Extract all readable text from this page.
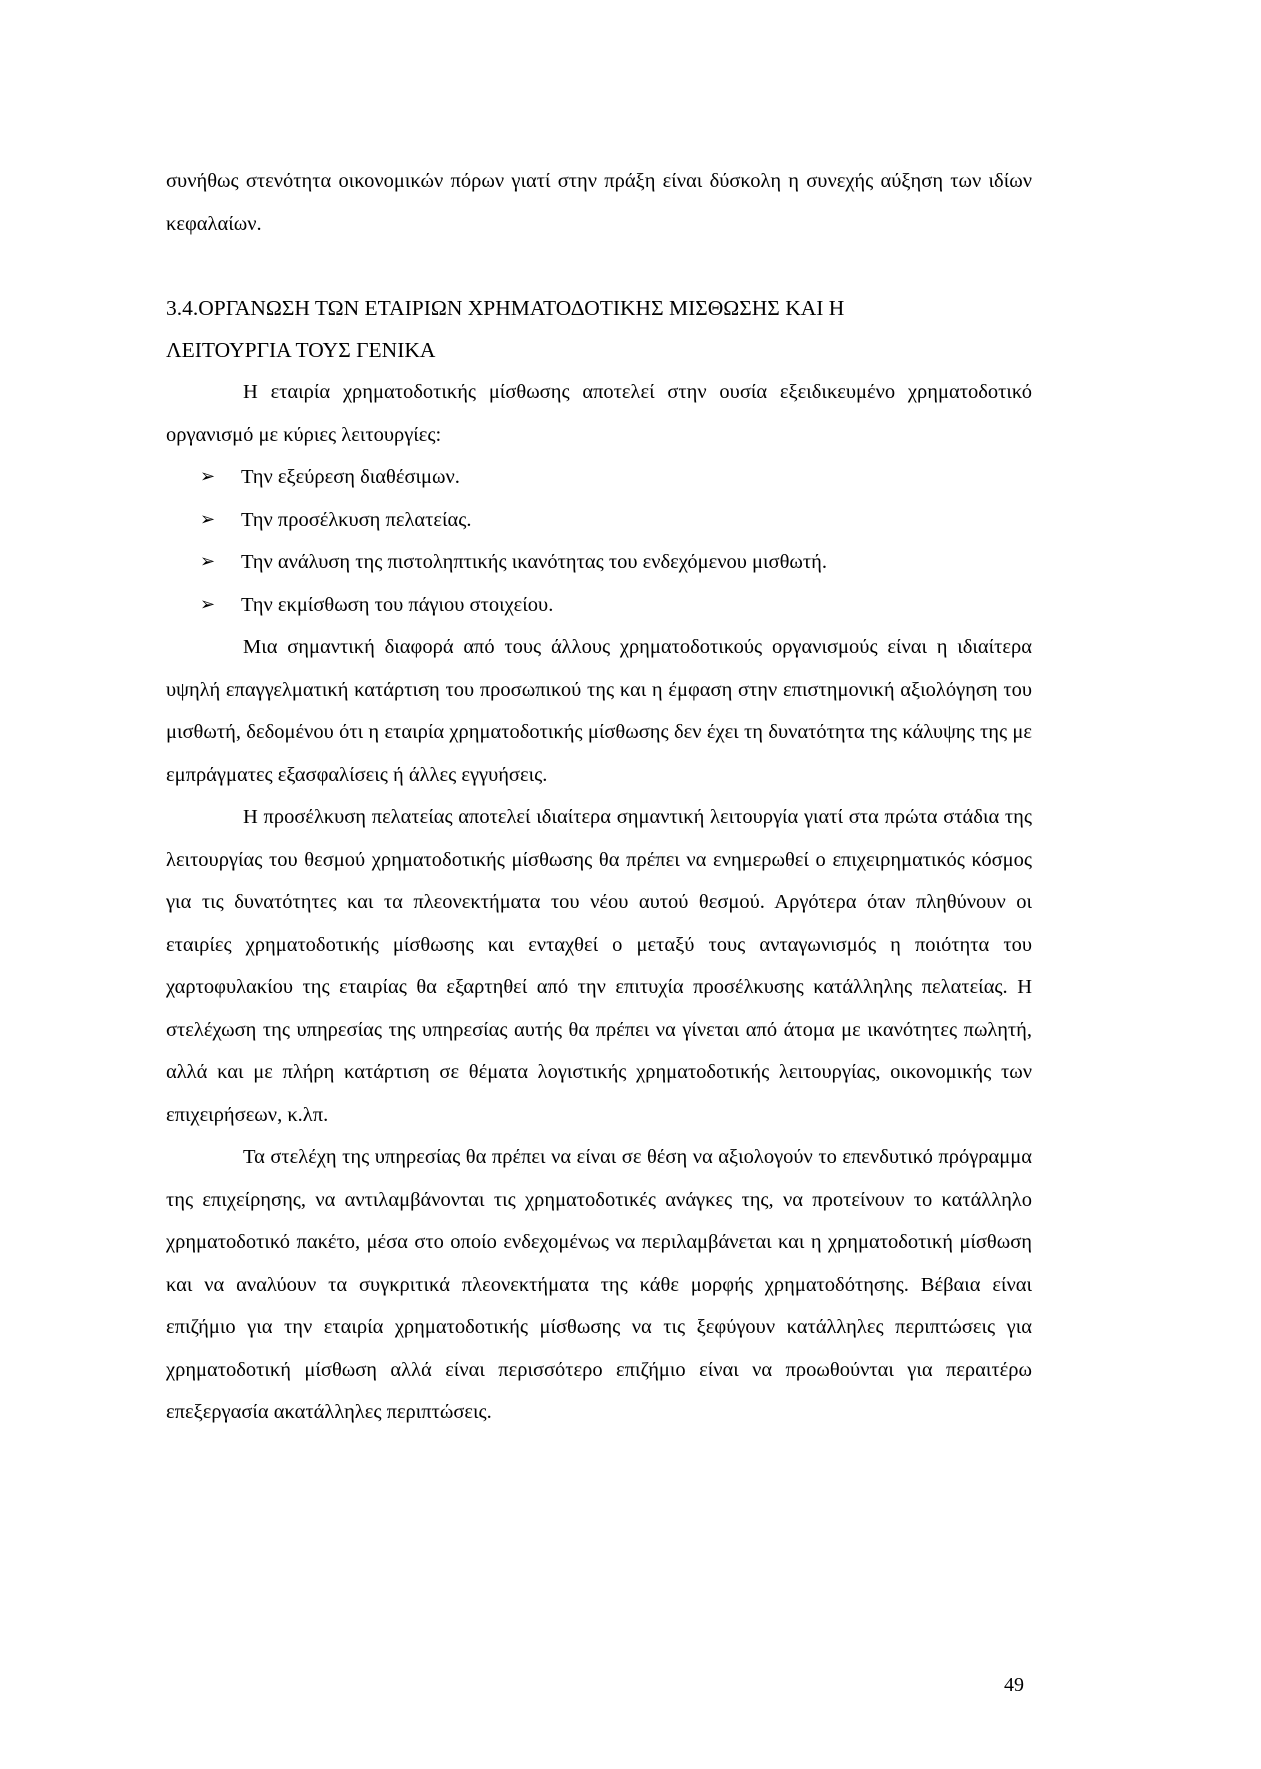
συνήθως στενότητα οικονομικών πόρων γιατί στην πράξη είναι δύσκολη η συνεχής αύξηση των ιδίων κεφαλαίων.

3.4.ΟΡΓΑΝΩΣΗ ΤΩΝ ΕΤΑΙΡΙΩΝ ΧΡΗΜΑΤΟΔΟΤΙΚΗΣ ΜΙΣΘΩΣΗΣ ΚΑΙ Η
ΛΕΙΤΟΥΡΓΙΑ ΤΟΥΣ ΓΕΝΙΚΑ

Η εταιρία χρηματοδοτικής μίσθωσης αποτελεί στην ουσία εξειδικευμένο χρηματοδοτικό οργανισμό με κύριες λειτουργίες:

➢ Την εξεύρεση διαθέσιμων.
➢ Την προσέλκυση πελατείας.
➢ Την ανάλυση της πιστοληπτικής ικανότητας του ενδεχόμενου μισθωτή.
➢ Την εκμίσθωση του πάγιου στοιχείου.

Μια σημαντική διαφορά από τους άλλους χρηματοδοτικούς οργανισμούς είναι η ιδιαίτερα υψηλή επαγγελματική κατάρτιση του προσωπικού της και η έμφαση στην επιστημονική αξιολόγηση του μισθωτή, δεδομένου ότι η εταιρία χρηματοδοτικής μίσθωσης δεν έχει τη δυνατότητα της κάλυψης της με εμπράγματες εξασφαλίσεις ή άλλες εγγυήσεις.

Η προσέλκυση πελατείας αποτελεί ιδιαίτερα σημαντική λειτουργία γιατί στα πρώτα στάδια της λειτουργίας του θεσμού χρηματοδοτικής μίσθωσης θα πρέπει να ενημερωθεί ο επιχειρηματικός κόσμος για τις δυνατότητες και τα πλεονεκτήματα του νέου αυτού θεσμού. Αργότερα όταν πληθύνουν οι εταιρίες χρηματοδοτικής μίσθωσης και ενταχθεί ο μεταξύ τους ανταγωνισμός η ποιότητα του χαρτοφυλακίου της εταιρίας θα εξαρτηθεί από την επιτυχία προσέλκυσης κατάλληλης πελατείας. Η στελέχωση της υπηρεσίας της υπηρεσίας αυτής θα πρέπει να γίνεται από άτομα με ικανότητες πωλητή, αλλά και με πλήρη κατάρτιση σε θέματα λογιστικής χρηματοδοτικής λειτουργίας, οικονομικής των επιχειρήσεων, κ.λπ.

Τα στελέχη της υπηρεσίας θα πρέπει να είναι σε θέση να αξιολογούν το επενδυτικό πρόγραμμα της επιχείρησης, να αντιλαμβάνονται τις χρηματοδοτικές ανάγκες της, να προτείνουν το κατάλληλο χρηματοδοτικό πακέτο, μέσα στο οποίο ενδεχομένως να περιλαμβάνεται και η χρηματοδοτική μίσθωση και να αναλύουν τα συγκριτικά πλεονεκτήματα της κάθε μορφής χρηματοδότησης. Βέβαια είναι επιζήμιο για την εταιρία χρηματοδοτικής μίσθωσης να τις ξεφύγουν κατάλληλες περιπτώσεις για χρηματοδοτική μίσθωση αλλά είναι περισσότερο επιζήμιο είναι να προωθούνται για περαιτέρω επεξεργασία ακατάλληλες περιπτώσεις.

49
